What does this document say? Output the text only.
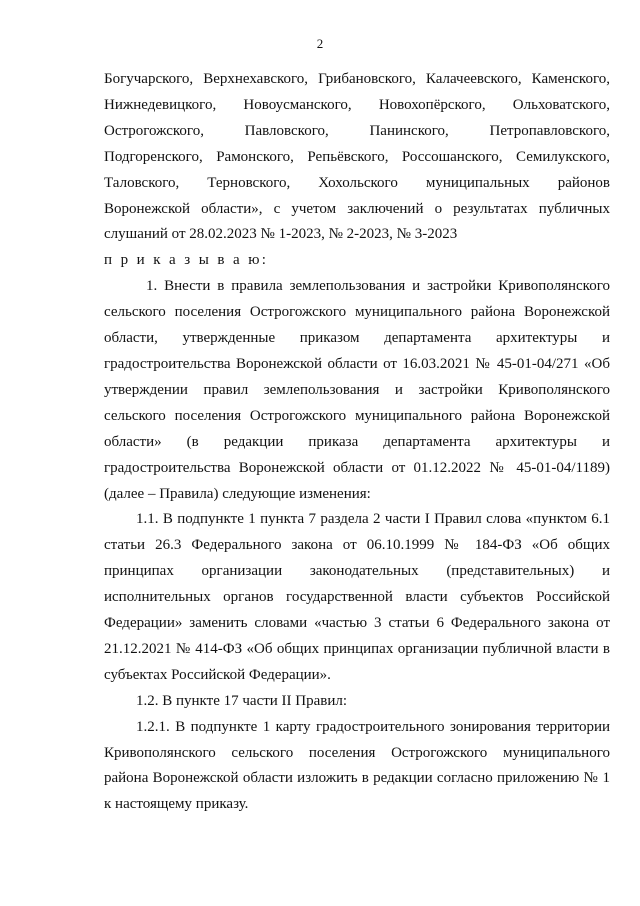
2

Богучарского, Верхнехавского, Грибановского, Калачеевского, Каменского,

Нижнедевицкого, Новоусманского, Новохопёрского, Ольховатского,

Острогожского, Павловского, Панинского, Петропавловского,

Подгоренского, Рамонского, Репьёвского, Россошанского, Семилукского,

Таловского, Терновского, Хохольского муниципальных районов

Воронежской области», с учетом заключений о результатах публичных

слушаний от 28.02.2023 № 1-2023, № 2-2023, № 3-2023

п р и к а з ы в а ю:

1. Внести в правила землепользования и застройки Кривополянского сельского поселения Острогожского муниципального района Воронежской области, утвержденные приказом департамента архитектуры и градостроительства Воронежской области от 16.03.2021 № 45-01-04/271 «Об утверждении правил землепользования и застройки Кривополянского сельского поселения Острогожского муниципального района Воронежской области» (в редакции приказа департамента архитектуры и градостроительства Воронежской области от 01.12.2022 № 45-01-04/1189) (далее – Правила) следующие изменения:

1.1. В подпункте 1 пункта 7 раздела 2 части I Правил слова «пунктом 6.1 статьи 26.3 Федерального закона от 06.10.1999 № 184-ФЗ «Об общих принципах организации законодательных (представительных) и исполнительных органов государственной власти субъектов Российской Федерации» заменить словами «частью 3 статьи 6 Федерального закона от 21.12.2021 № 414-ФЗ «Об общих принципах организации публичной власти в субъектах Российской Федерации».

1.2. В пункте 17 части II Правил:

1.2.1. В подпункте 1 карту градостроительного зонирования территории Кривополянского сельского поселения Острогожского муниципального района Воронежской области изложить в редакции согласно приложению № 1 к настоящему приказу.
